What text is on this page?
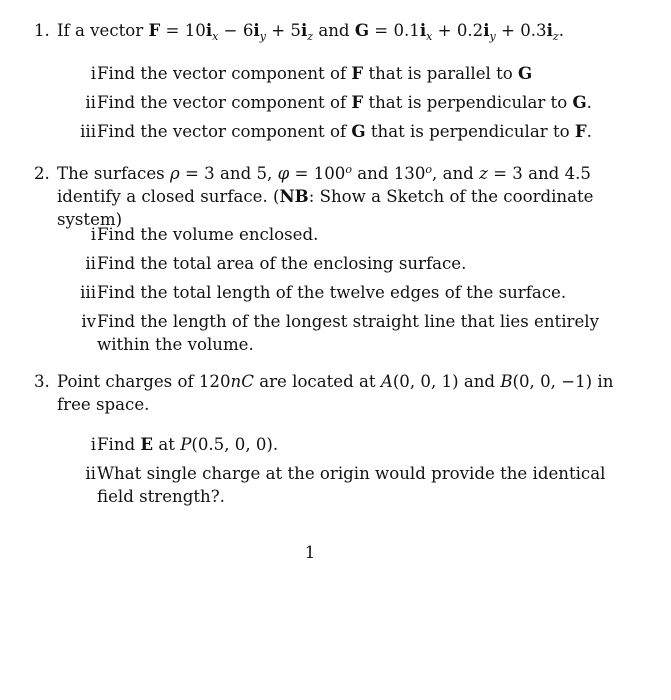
1. If a vector $F = 10i_x - 6i_y + 5i_z$ and $G = 0.1i_x + 0.2i_y + 0.3i_z$.
i Find the vector component of F that is parallel to G
ii Find the vector component of F that is perpendicular to G.
iii Find the vector component of G that is perpendicular to F.
2. The surfaces ρ = 3 and 5, $\varphi = 100^o$ and 130$^o$, and z = 3 and 4.5 identify a closed surface. (NB: Show a Sketch of the coordinate system)
i Find the volume enclosed.
ii Find the total area of the enclosing surface.
iii Find the total length of the twelve edges of the surface.
iv Find the length of the longest straight line that lies entirely within the volume.
3. Point charges of 120nC are located at A(0, 0, 1) and B(0, 0, −1) in free space.
i Find E at P(0.5, 0, 0).
ii What single charge at the origin would provide the identical field strength?.
1
